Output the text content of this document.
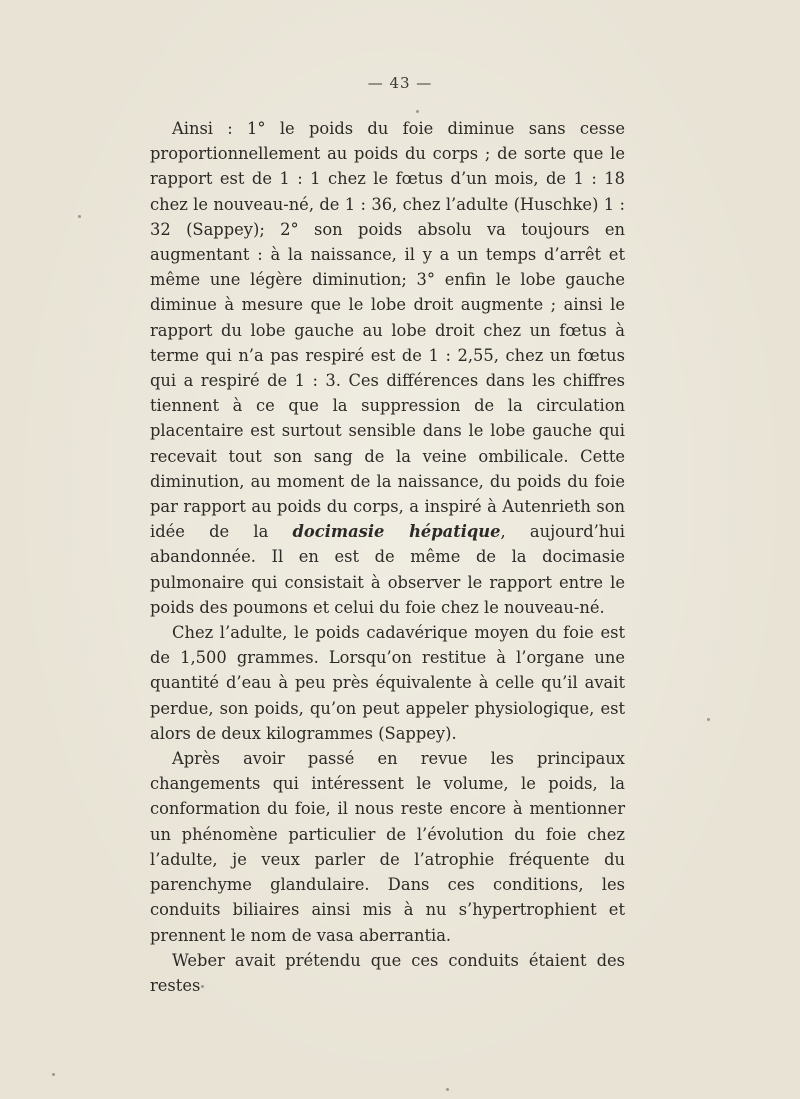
— 43 —

Ainsi : 1° le poids du foie diminue sans cesse proportionnellement au poids du corps ; de sorte que le rapport est de 1 : 1 chez le fœtus d’un mois, de 1 : 18 chez le nouveau-né, de 1 : 36, chez l’adulte (Huschke) 1 : 32 (Sappey); 2° son poids absolu va toujours en augmentant : à la naissance, il y a un temps d’arrêt et même une légère diminution; 3° enfin le lobe gauche diminue à mesure que le lobe droit augmente ; ainsi le rapport du lobe gauche au lobe droit chez un fœtus à terme qui n’a pas respiré est de 1 : 2,55, chez un fœtus qui a respiré de 1 : 3. Ces différences dans les chiffres tiennent à ce que la suppression de la circulation placentaire est surtout sensible dans le lobe gauche qui recevait tout son sang de la veine ombilicale. Cette diminution, au moment de la naissance, du poids du foie par rapport au poids du corps, a inspiré à Autenrieth son idée de la docimasie hépatique, aujourd’hui abandonnée. Il en est de même de la docimasie pulmonaire qui consistait à observer le rapport entre le poids des poumons et celui du foie chez le nouveau-né.

Chez l’adulte, le poids cadavérique moyen du foie est de 1,500 grammes. Lorsqu’on restitue à l’organe une quantité d’eau à peu près équivalente à celle qu’il avait perdue, son poids, qu’on peut appeler physiologique, est alors de deux kilogrammes (Sappey).

Après avoir passé en revue les principaux changements qui intéressent le volume, le poids, la conformation du foie, il nous reste encore à mentionner un phénomène particulier de l’évolution du foie chez l’adulte, je veux parler de l’atrophie fréquente du parenchyme glandulaire. Dans ces conditions, les conduits biliaires ainsi mis à nu s’hypertrophient et prennent le nom de vasa aberrantia.

Weber avait prétendu que ces conduits étaient des restes
